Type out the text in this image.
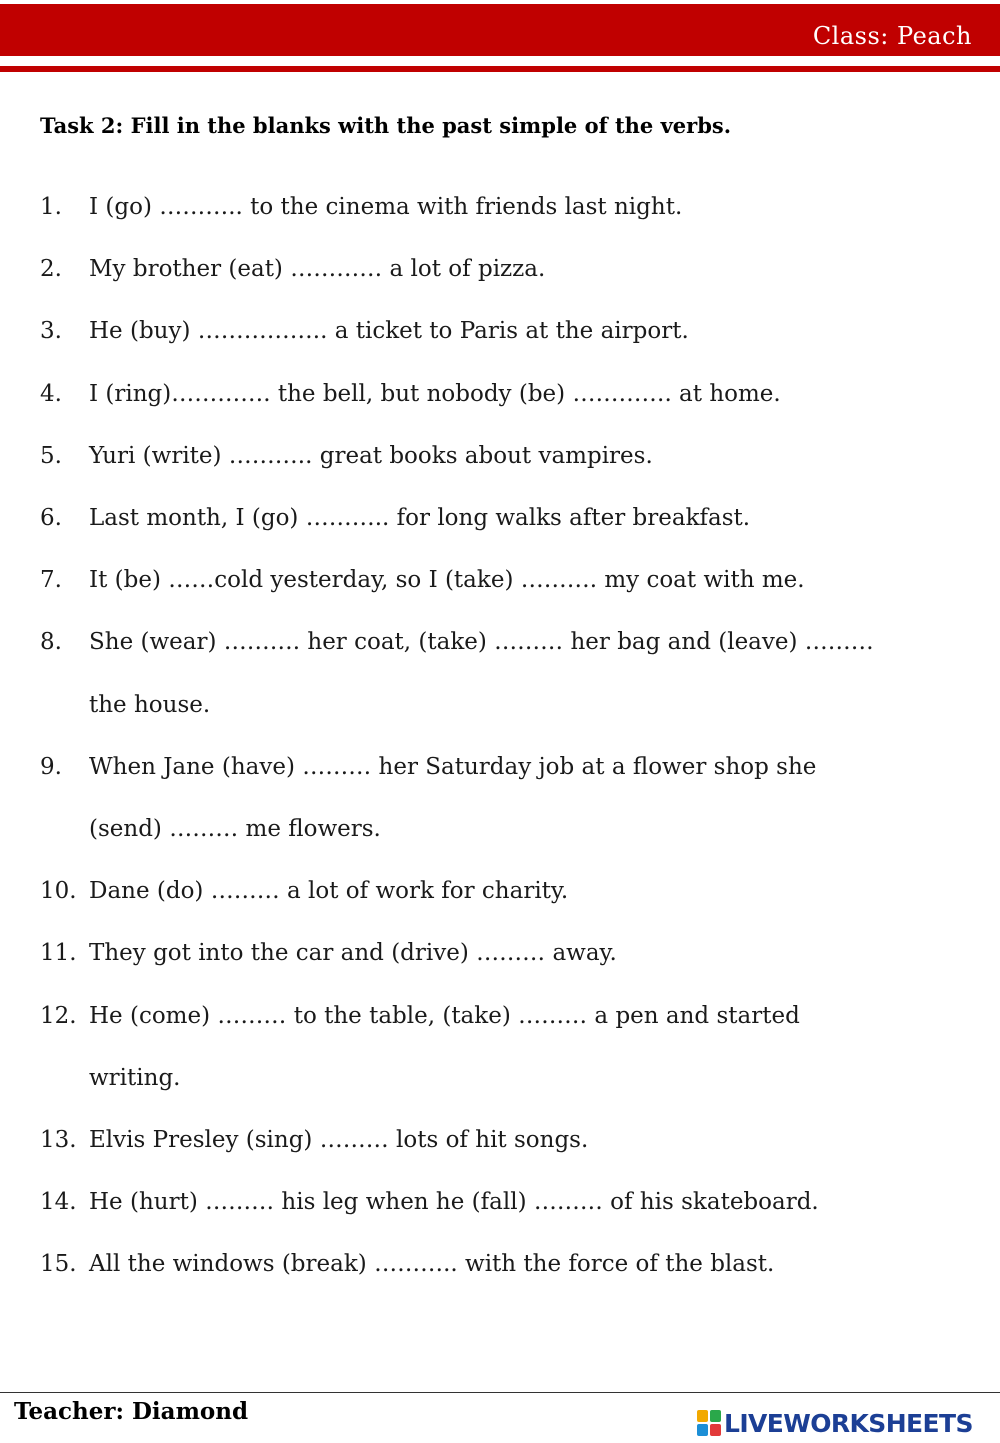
Class: Peach
Task 2: Fill in the blanks with the past simple of the verbs.
1. I (go) ……….. to the cinema with friends last night.
2. My brother (eat) ………… a lot of pizza.
3. He (buy) …………….. a ticket to Paris at the airport.
4. I (ring)…………. the bell, but nobody (be) …………. at home.
5. Yuri (write) ……….. great books about vampires.
6. Last month, I (go) ……….. for long walks after breakfast.
7. It (be) ……cold yesterday, so I (take) ………. my coat with me.
8. She (wear) ………. her coat, (take) ……… her bag and (leave) ………
the house.
9. When Jane (have) ……… her Saturday job at a flower shop she
(send) ……… me flowers.
10. Dane (do) ……… a lot of work for charity.
11. They got into the car and (drive) ……… away.
12. He (come) ……… to the table, (take) ……… a pen and started
writing.
13. Elvis Presley (sing) ……… lots of hit songs.
14. He (hurt) ……… his leg when he (fall) ……… of his skateboard.
15. All the windows (break) ……….. with the force of the blast.
Teacher: Diamond	LIVEWORKSHEETS
